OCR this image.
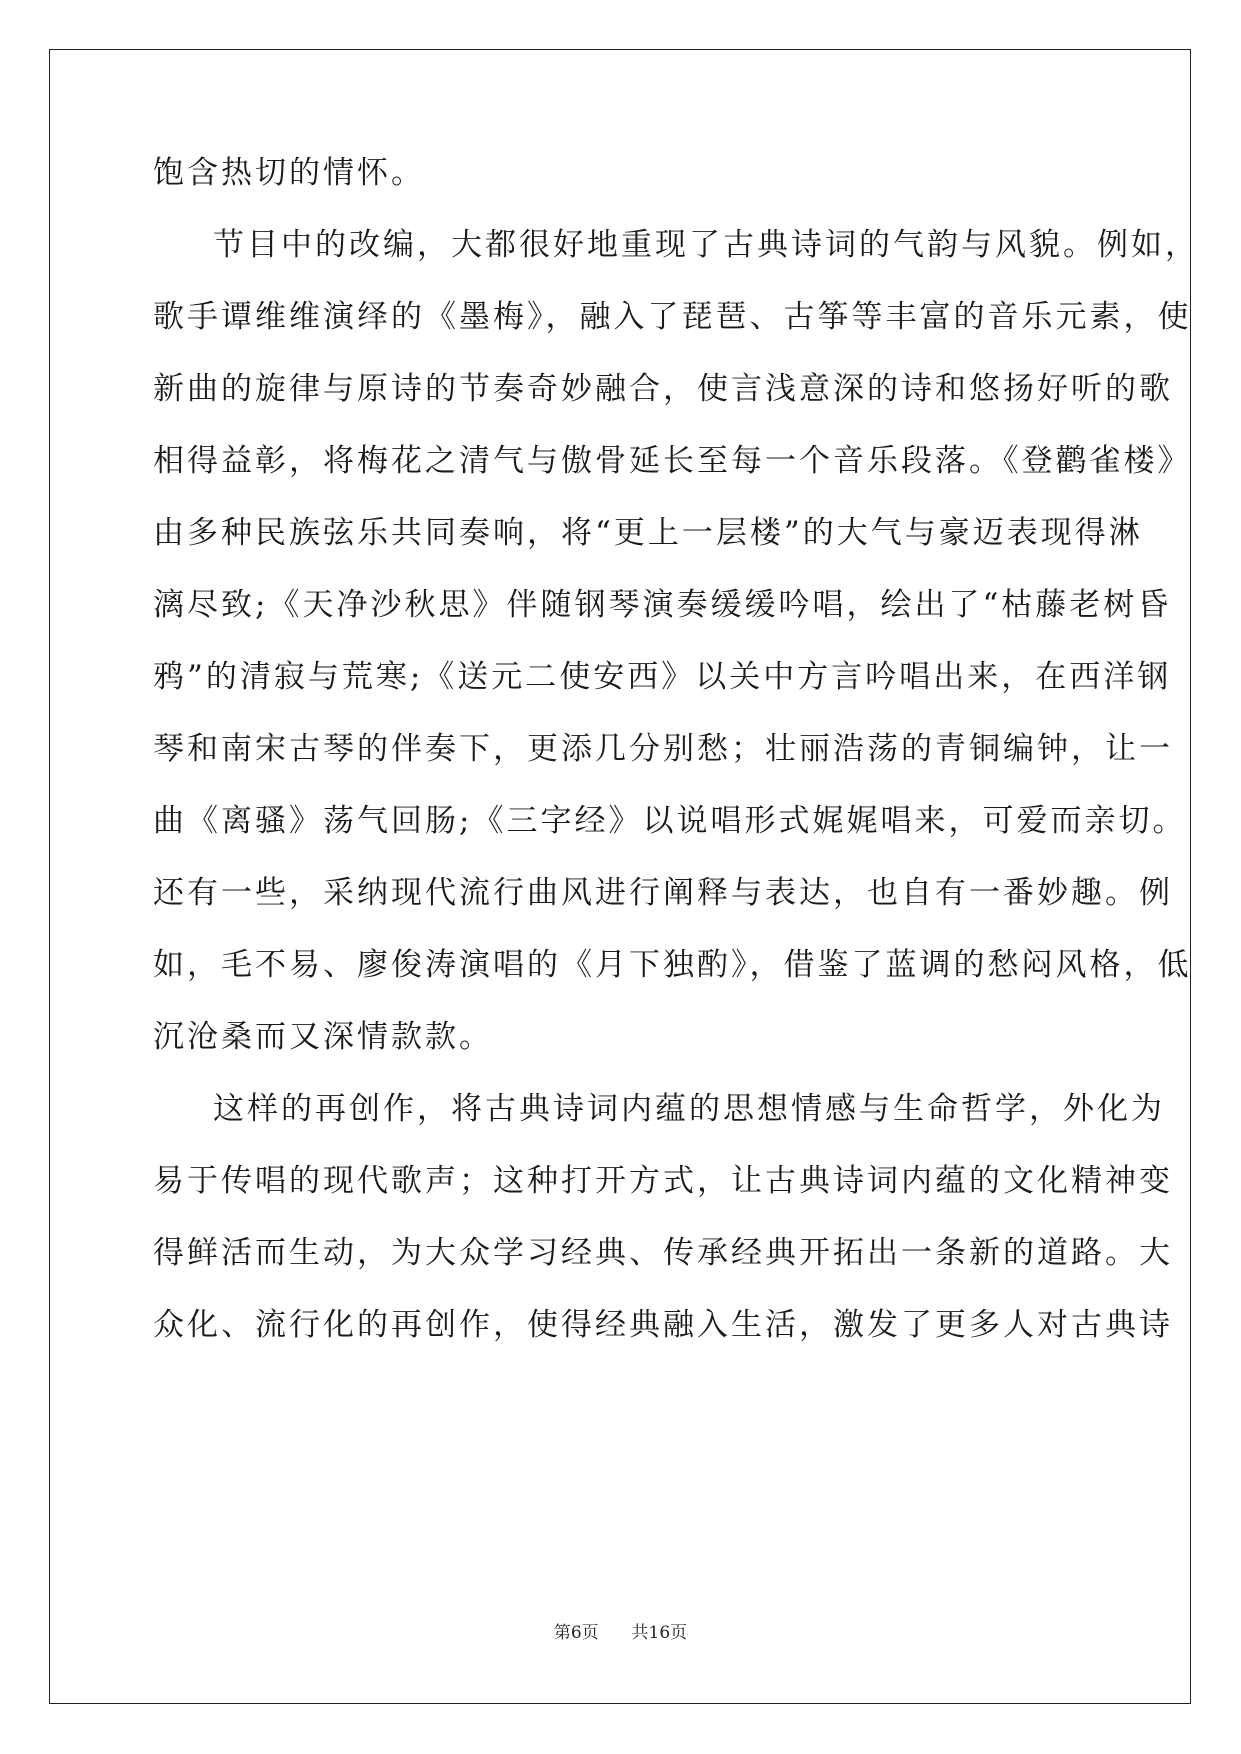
饱含热切的情怀。
节目中的改编，大都很好地重现了古典诗词的气韵与风貌。例如，
歌手谭维维演绎的《墨梅》，融入了琵琶、古筝等丰富的音乐元素，使
新曲的旋律与原诗的节奏奇妙融合，使言浅意深的诗和悠扬好听的歌
相得益彰，将梅花之清气与傲骨延长至每一个音乐段落。《登鹳雀楼》
由多种民族弦乐共同奏响，将“更上一层楼”的大气与豪迈表现得淋
漓尽致;《天净沙秋思》伴随钢琴演奏缓缓吟唱，绘出了“枯藤老树昏
鸦”的清寂与荒寒;《送元二使安西》以关中方言吟唱出来，在西洋钢
琴和南宋古琴的伴奏下，更添几分别愁；壮丽浩荡的青铜编钟，让一
曲《离骚》荡气回肠;《三字经》以说唱形式娓娓唱来，可爱而亲切。
还有一些，采纳现代流行曲风进行阐释与表达，也自有一番妙趣。例
如，毛不易、廖俊涛演唱的《月下独酌》，借鉴了蓝调的愁闷风格，低
沉沧桑而又深情款款。
这样的再创作，将古典诗词内蕴的思想情感与生命哲学，外化为
易于传唱的现代歌声；这种打开方式，让古典诗词内蕴的文化精神变
得鲜活而生动，为大众学习经典、传承经典开拓出一条新的道路。大
众化、流行化的再创作，使得经典融入生活，激发了更多人对古典诗
第6页 共16页
